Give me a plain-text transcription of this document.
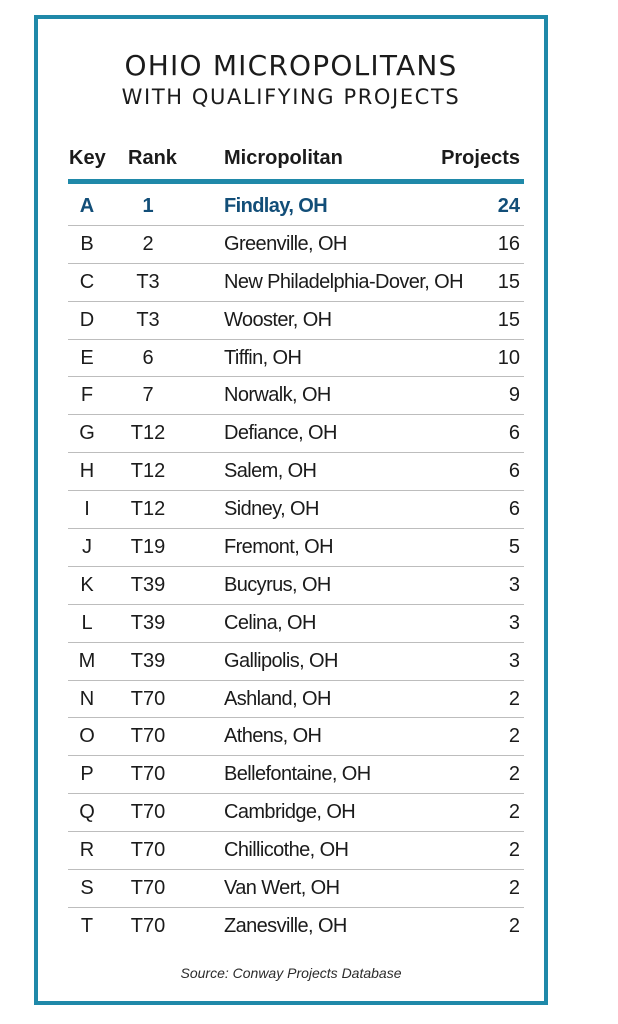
OHIO MICROPOLITANS
WITH QUALIFYING PROJECTS
Key Rank Micropolitan	Projects
A	1	Findlay, OH	24
B	2	Greenville, OH	16
C	T3	New Philadelphia-Dover, OH 15
D	T3	Wooster, OH	15
E	6	Tiffin, OH	10
F	7	Norwalk, OH	9
G	T12	Defiance, OH	6
H	T12	Salem, OH	6
I	T12	Sidney, OH	6
J	T19	Fremont, OH	5
K	T39	Bucyrus, OH	3
L	T39	Celina, OH	3
M	T39	Gallipolis, OH	3
N	T70	Ashland, OH	2
O	T70	Athens, OH	2
P	T70	Bellefontaine, OH	2
Q	T70	Cambridge, OH	2
R	T70	Chillicothe, OH	2
S	T70	Van Wert, OH	2
T	T70	Zanesville, OH	2
Source: Conway Projects Database
